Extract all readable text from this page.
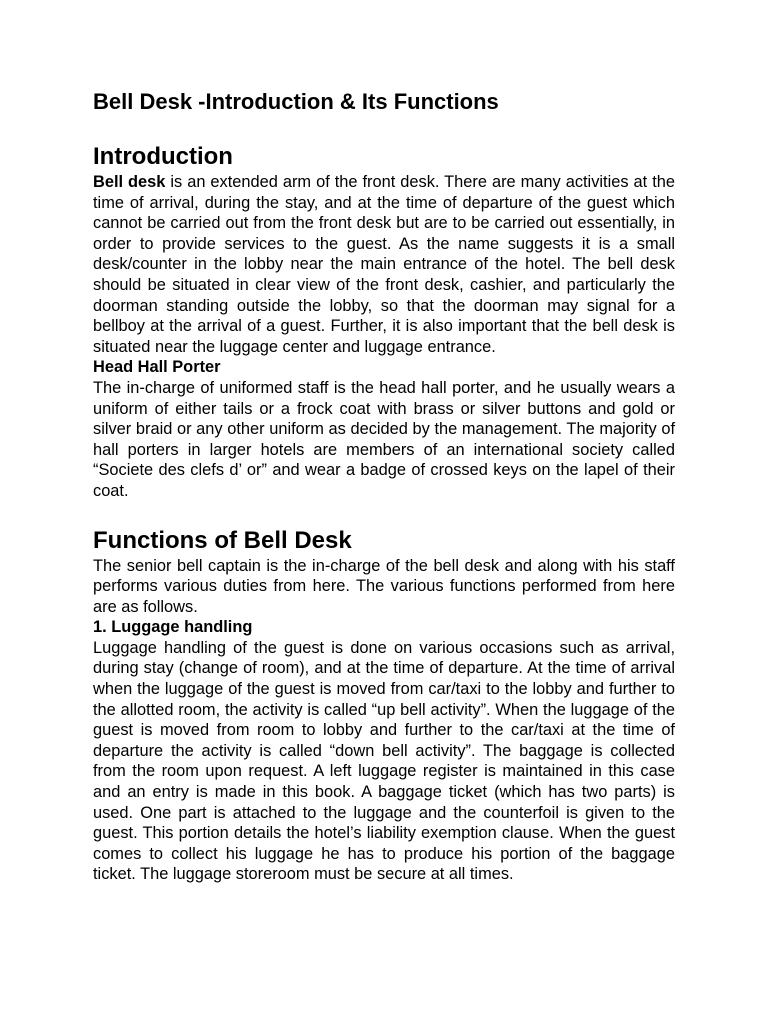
Bell Desk -Introduction & Its Functions
Introduction

Bell desk is an extended arm of the front desk. There are many activities at the time of arrival, during the stay, and at the time of departure of the guest which cannot be carried out from the front desk but are to be carried out essentially, in order to provide services to the guest. As the name suggests it is a small desk/counter in the lobby near the main entrance of the hotel. The bell desk should be situated in clear view of the front desk, cashier, and particularly the doorman standing outside the lobby, so that the doorman may signal for a bellboy at the arrival of a guest. Further, it is also important that the bell desk is situated near the luggage center and luggage entrance.

Head Hall Porter

The in-charge of uniformed staff is the head hall porter, and he usually wears a uniform of either tails or a frock coat with brass or silver buttons and gold or silver braid or any other uniform as decided by the management. The majority of hall porters in larger hotels are members of an international society called “Societe des clefs d’ or” and wear a badge of crossed keys on the lapel of their coat.

Functions of Bell Desk

The senior bell captain is the in-charge of the bell desk and along with his staff performs various duties from here. The various functions performed from here are as follows.

1. Luggage handling

Luggage handling of the guest is done on various occasions such as arrival, during stay (change of room), and at the time of departure. At the time of arrival when the luggage of the guest is moved from car/taxi to the lobby and further to the allotted room, the activity is called “up bell activity”. When the luggage of the guest is moved from room to lobby and further to the car/taxi at the time of departure the activity is called “down bell activity”. The baggage is collected from the room upon request. A left luggage register is maintained in this case and an entry is made in this book. A baggage ticket (which has two parts) is used. One part is attached to the luggage and the counterfoil is given to the guest. This portion details the hotel’s liability exemption clause. When the guest comes to collect his luggage he has to produce his portion of the baggage ticket. The luggage storeroom must be secure at all times.
